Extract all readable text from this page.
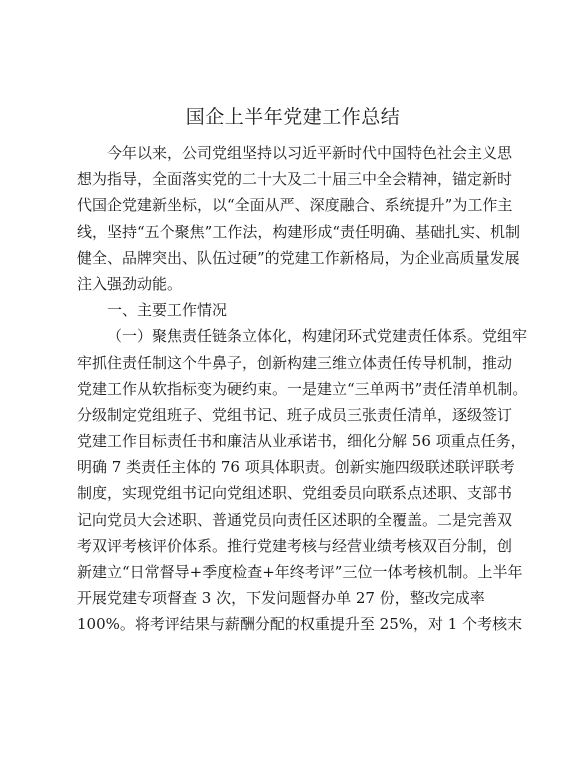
国企上半年党建工作总结
今年以来，公司党组坚持以习近平新时代中国特色社会主义思
想为指导，全面落实党的二十大及二十届三中全会精神，锚定新时
代国企党建新坐标，以“全面从严、深度融合、系统提升”为工作主
线，坚持“五个聚焦”工作法，构建形成“责任明确、基础扎实、机制
健全、品牌突出、队伍过硬”的党建工作新格局，为企业高质量发展
注入强劲动能。
一、主要工作情况
（一）聚焦责任链条立体化，构建闭环式党建责任体系。党组牢
牢抓住责任制这个牛鼻子，创新构建三维立体责任传导机制，推动
党建工作从软指标变为硬约束。一是建立“三单两书”责任清单机制。
分级制定党组班子、党组书记、班子成员三张责任清单，逐级签订
党建工作目标责任书和廉洁从业承诺书，细化分解 56 项重点任务，
明确 7 类责任主体的 76 项具体职责。创新实施四级联述联评联考
制度，实现党组书记向党组述职、党组委员向联系点述职、支部书
记向党员大会述职、普通党员向责任区述职的全覆盖。二是完善双
考双评考核评价体系。推行党建考核与经营业绩考核双百分制，创
新建立“日常督导+季度检查+年终考评”三位一体考核机制。上半年
开展党建专项督查 3 次，下发问题督办单 27 份，整改完成率
100%。将考评结果与薪酬分配的权重提升至 25%，对 1 个考核末
